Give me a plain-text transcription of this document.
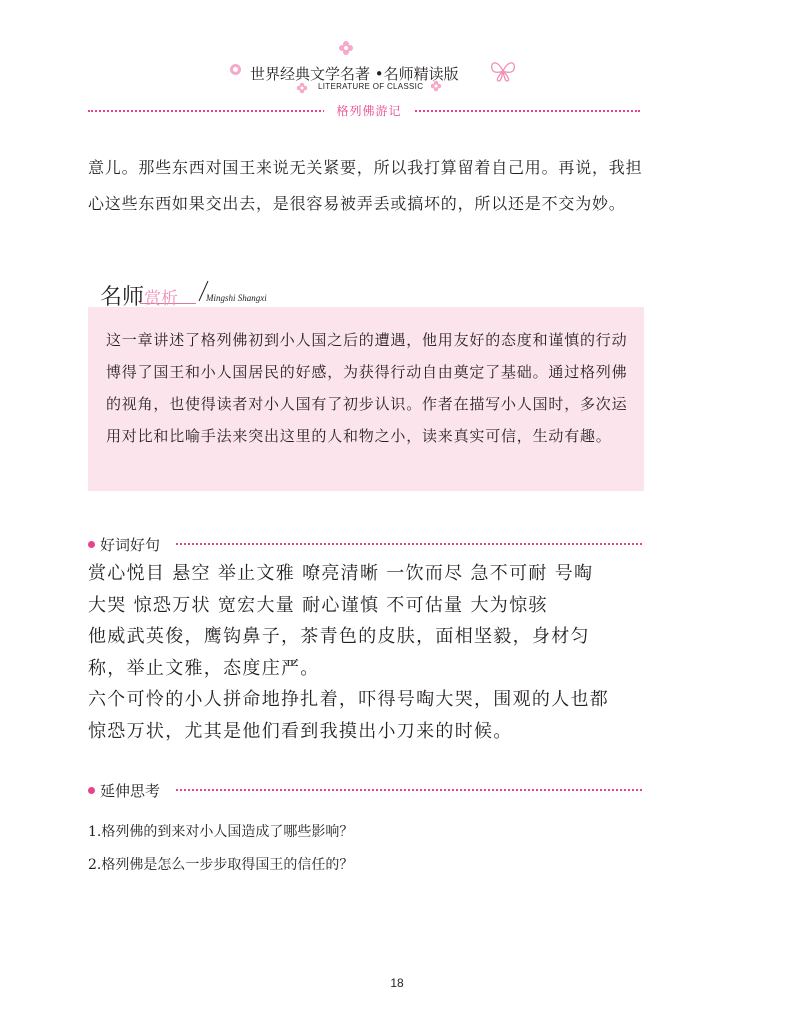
世界经典文学名著 •名师精读版
LITERATURE OF CLASSIC
格列佛游记

意儿。那些东西对国王来说无关紧要，所以我打算留着自己用。再说，我担心这些东西如果交出去，是很容易被弄丢或搞坏的，所以还是不交为妙。

名师赏析	Mingshi Shangxi

这一章讲述了格列佛初到小人国之后的遭遇，他用友好的态度和谨慎的行动博得了国王和小人国居民的好感，为获得行动自由奠定了基础。通过格列佛的视角，也使得读者对小人国有了初步认识。作者在描写小人国时，多次运用对比和比喻手法来突出这里的人和物之小，读来真实可信，生动有趣。

好词好句
赏心悦目 悬空 举止文雅 嘹亮清晰 一饮而尽 急不可耐 号啕
大哭 惊恐万状 宽宏大量 耐心谨慎 不可估量 大为惊骇
他威武英俊，鹰钩鼻子，茶青色的皮肤，面相坚毅，身材匀
称，举止文雅，态度庄严。
六个可怜的小人拼命地挣扎着，吓得号啕大哭，围观的人也都
惊恐万状，尤其是他们看到我摸出小刀来的时候。
延伸思考
1.格列佛的到来对小人国造成了哪些影响？
2.格列佛是怎么一步步取得国王的信任的？
18
